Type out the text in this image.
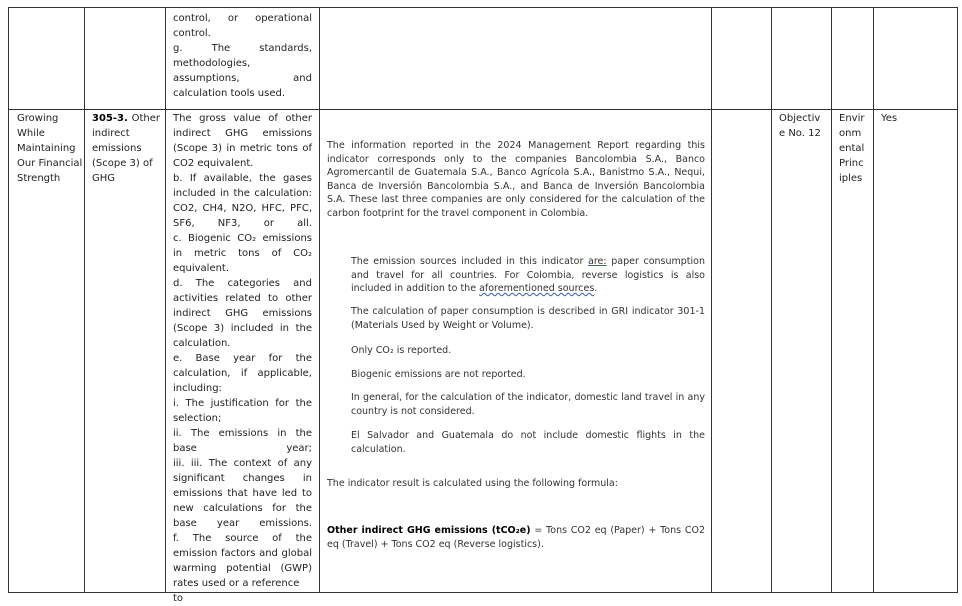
control, or operational
control.
g. The standards,
methodologies,
assumptions, and
calculation tools used.
Growing
While
Maintaining
Our Financial
Strength
305-3. Other
indirect
emissions
(Scope 3) of
GHG
The gross value of other
indirect GHG emissions
(Scope 3) in metric tons of
CO2 equivalent.
b. If available, the gases
included in the calculation:
CO2, CH4, N2O, HFC, PFC,
SF6, NF3, or all.
c. Biogenic CO₂ emissions
in metric tons of CO₂
equivalent.
d. The categories and
activities related to other
indirect GHG emissions
(Scope 3) included in the
calculation.
e. Base year for the
calculation, if applicable,
including:
i. The justification for the
selection;
ii. The emissions in the
base year;
iii. iii. The context of any
significant changes in
emissions that have led to
new calculations for the
base year emissions.
f. The source of the
emission factors and global
warming potential (GWP)
rates used or a reference to
The information reported in the 2024 Management Report regarding this indicator corresponds only to the companies Bancolombia S.A., Banco Agromercantil de Guatemala S.A., Banco Agrícola S.A., Banistmo S.A., Nequi, Banca de Inversión Bancolombia S.A., and Banca de Inversión Bancolombia S.A. These last three companies are only considered for the calculation of the carbon footprint for the travel component in Colombia.
The emission sources included in this indicator are: paper consumption and travel for all countries. For Colombia, reverse logistics is also included in addition to the aforementioned sources.
The calculation of paper consumption is described in GRI indicator 301-1 (Materials Used by Weight or Volume).
Only CO₂ is reported.
Biogenic emissions are not reported.
In general, for the calculation of the indicator, domestic land travel in any country is not considered.
El Salvador and Guatemala do not include domestic flights in the calculation.
The indicator result is calculated using the following formula:
Other indirect GHG emissions (tCO₂e) = Tons CO2 eq (Paper) + Tons CO2 eq (Travel) + Tons CO2 eq (Reverse logistics).
Objectiv
e No. 12
Envir
onm
ental
Princ
iples
Yes
